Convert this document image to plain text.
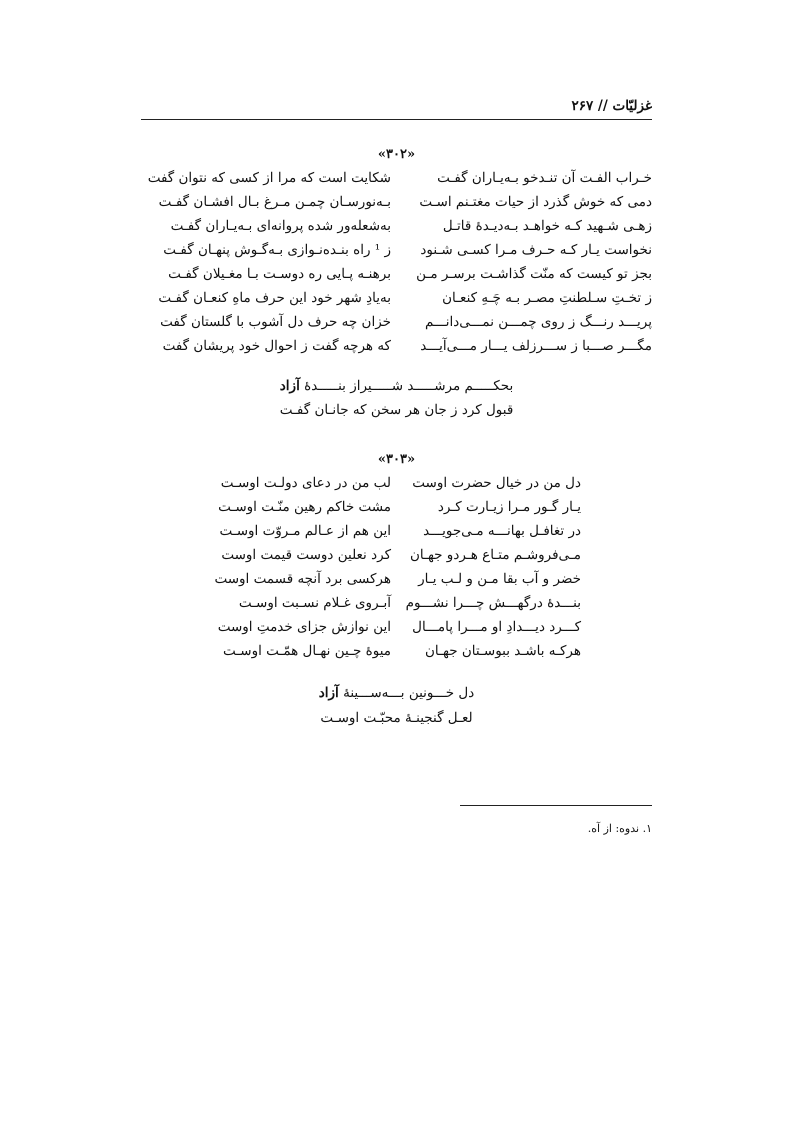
غزلیّات // ۲۶۷
«۳۰۲»
خـراب الفـت آن تنـدخو بـه‌یـاران گفـت
شکایت است که مرا از کسی که نتوان گفت
دمی که خوش گذرد از حیات مغتـنم اسـت
بـه‌نورسـان چمـن مـرغ بـال افشـان گفـت
زهـی شـهید کـه خواهـد بـه‌دیـدهٔ قاتـل
به‌شعله‌ور شده پروانه‌ای بـه‌یـاران گفـت
نخواست یـار کـه حـرف مـرا کسـی شـنود
ز ¹ راه بنـده‌نـوازی بـه‌گـوش پنهـان گفـت
بجز تو کیست که منّت گذاشـت برسـر مـن
برهنـه پـایی ره دوسـت بـا مغـیلان گفـت
ز تخـتِ سـلطنتِ مصـر بـه چَـهِ کنعـان
به‌یادِ شهر خود این حرف ماهِ کنعـان گفـت
پریـــد رنـــگ ز روی چمـــن نمـــی‌دانـــم
خزان چه حرف دل آشوب با گلستان گفت
مگـــر صـــبا ز ســـرزلف یـــار مـــی‌آیـــد
که هرچه گفت ز احوال خود پریشان گفت
بحکـــــم مرشـــــد شـــــیراز بنـــــدهٔ آزاد
قبول کرد ز جان هر سخن که جانـان گفـت
«۳۰۳»
دل من در خیال حضرت اوست
لب من در دعای دولـت اوسـت
یـار گـور مـرا زیـارت کـرد
مشت خاکم رهین منّـت اوسـت
در تغافـل بهانـــه مـی‌جویـــد
این هم از عـالم مـروّت اوسـت
مـی‌فروشـم متـاع هـردو جهـان
کرد نعلین دوست قیمت اوست
خضر و آب بقا مـن و لـب یـار
هرکسی برد آنچه قسمت اوست
بنـــدهٔ درگهـــش چـــرا نشـــوم
آبـروی غـلام نسـبت اوسـت
کـــرد دیـــدادِ او مـــرا پامـــال
این نوازش جزای خدمتِ اوست
هرکـه باشـد ببوسـتان جهـان
میوهٔ چـین نهـال همّـت اوسـت
دل خـــونین بـــه‌ســـینهٔ آزاد
لعـل گنجینـهٔ محبّـت اوسـت
۱. ندوه: از آه.
